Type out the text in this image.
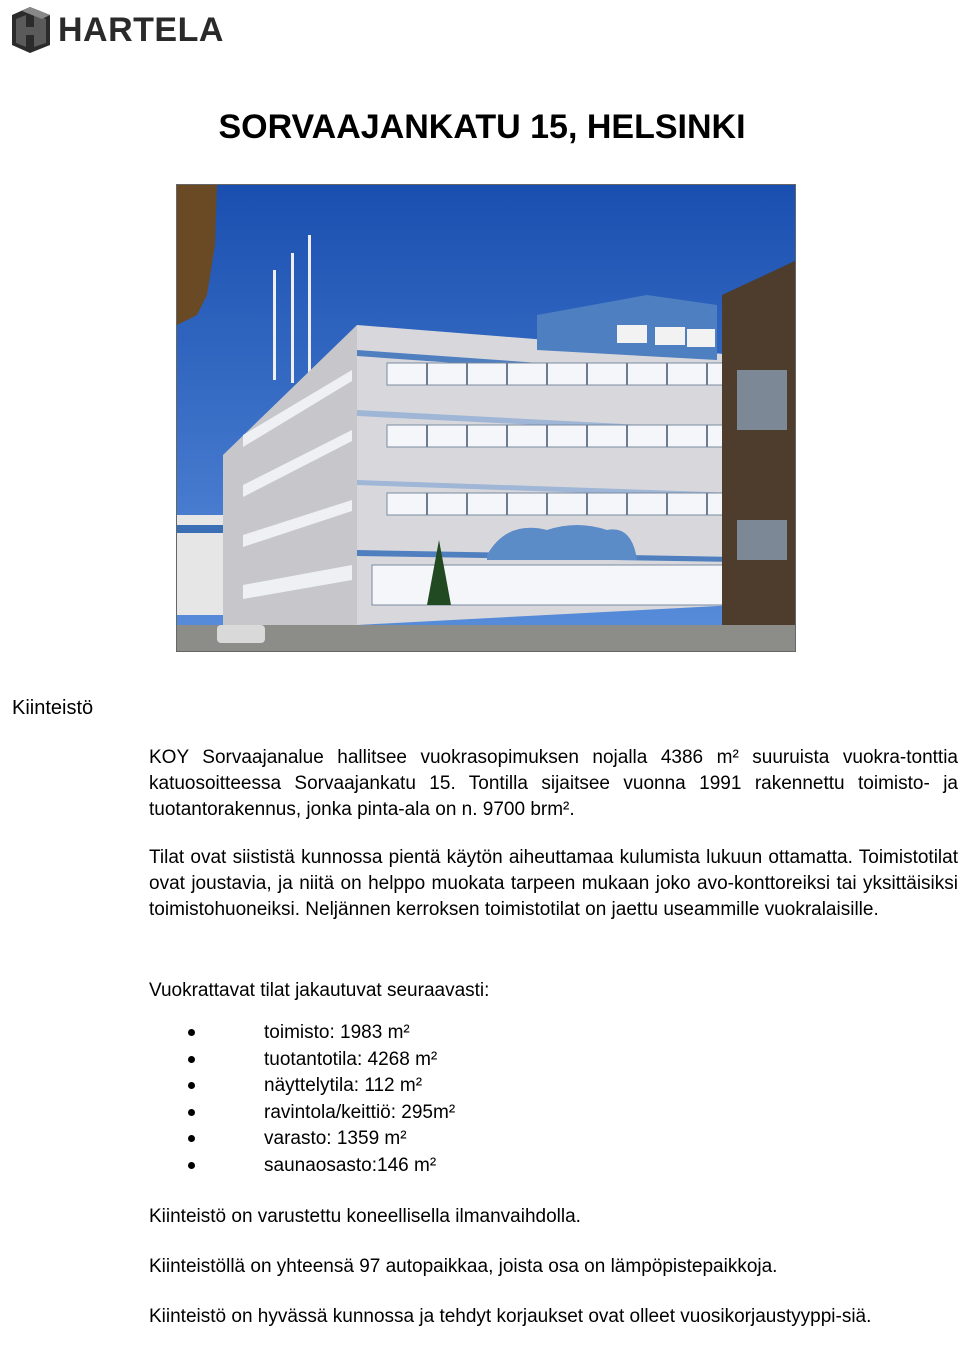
HARTELA
SORVAAJANKATU 15, HELSINKI
Kiinteistö

KOY Sorvaajanalue hallitsee vuokrasopimuksen nojalla 4386 m² suuruista vuokra-tonttia katuosoitteessa Sorvaajankatu 15. Tontilla sijaitsee vuonna 1991 rakennettu toimisto- ja tuotantorakennus, jonka pinta-ala on n. 9700 brm².

Tilat ovat siististä kunnossa pientä käytön aiheuttamaa kulumista lukuun ottamatta. Toimistotilat ovat joustavia, ja niitä on helppo muokata tarpeen mukaan joko avo-konttoreiksi tai yksittäisiksi toimistohuoneiksi. Neljännen kerroksen toimistotilat on jaettu useammille vuokralaisille.

Vuokrattavat tilat jakautuvat seuraavasti:

toimisto: 1983 m²
tuotantotila: 4268 m²
näyttelytila: 112 m²
ravintola/keittiö: 295m²
varasto: 1359 m²
saunaosasto:146 m²

Kiinteistö on varustettu koneellisella ilmanvaihdolla.

Kiinteistöllä on yhteensä 97 autopaikkaa, joista osa on lämpöpistepaikkoja.

Kiinteistö on hyvässä kunnossa ja tehdyt korjaukset ovat olleet vuosikorjaustyyppi-siä.
